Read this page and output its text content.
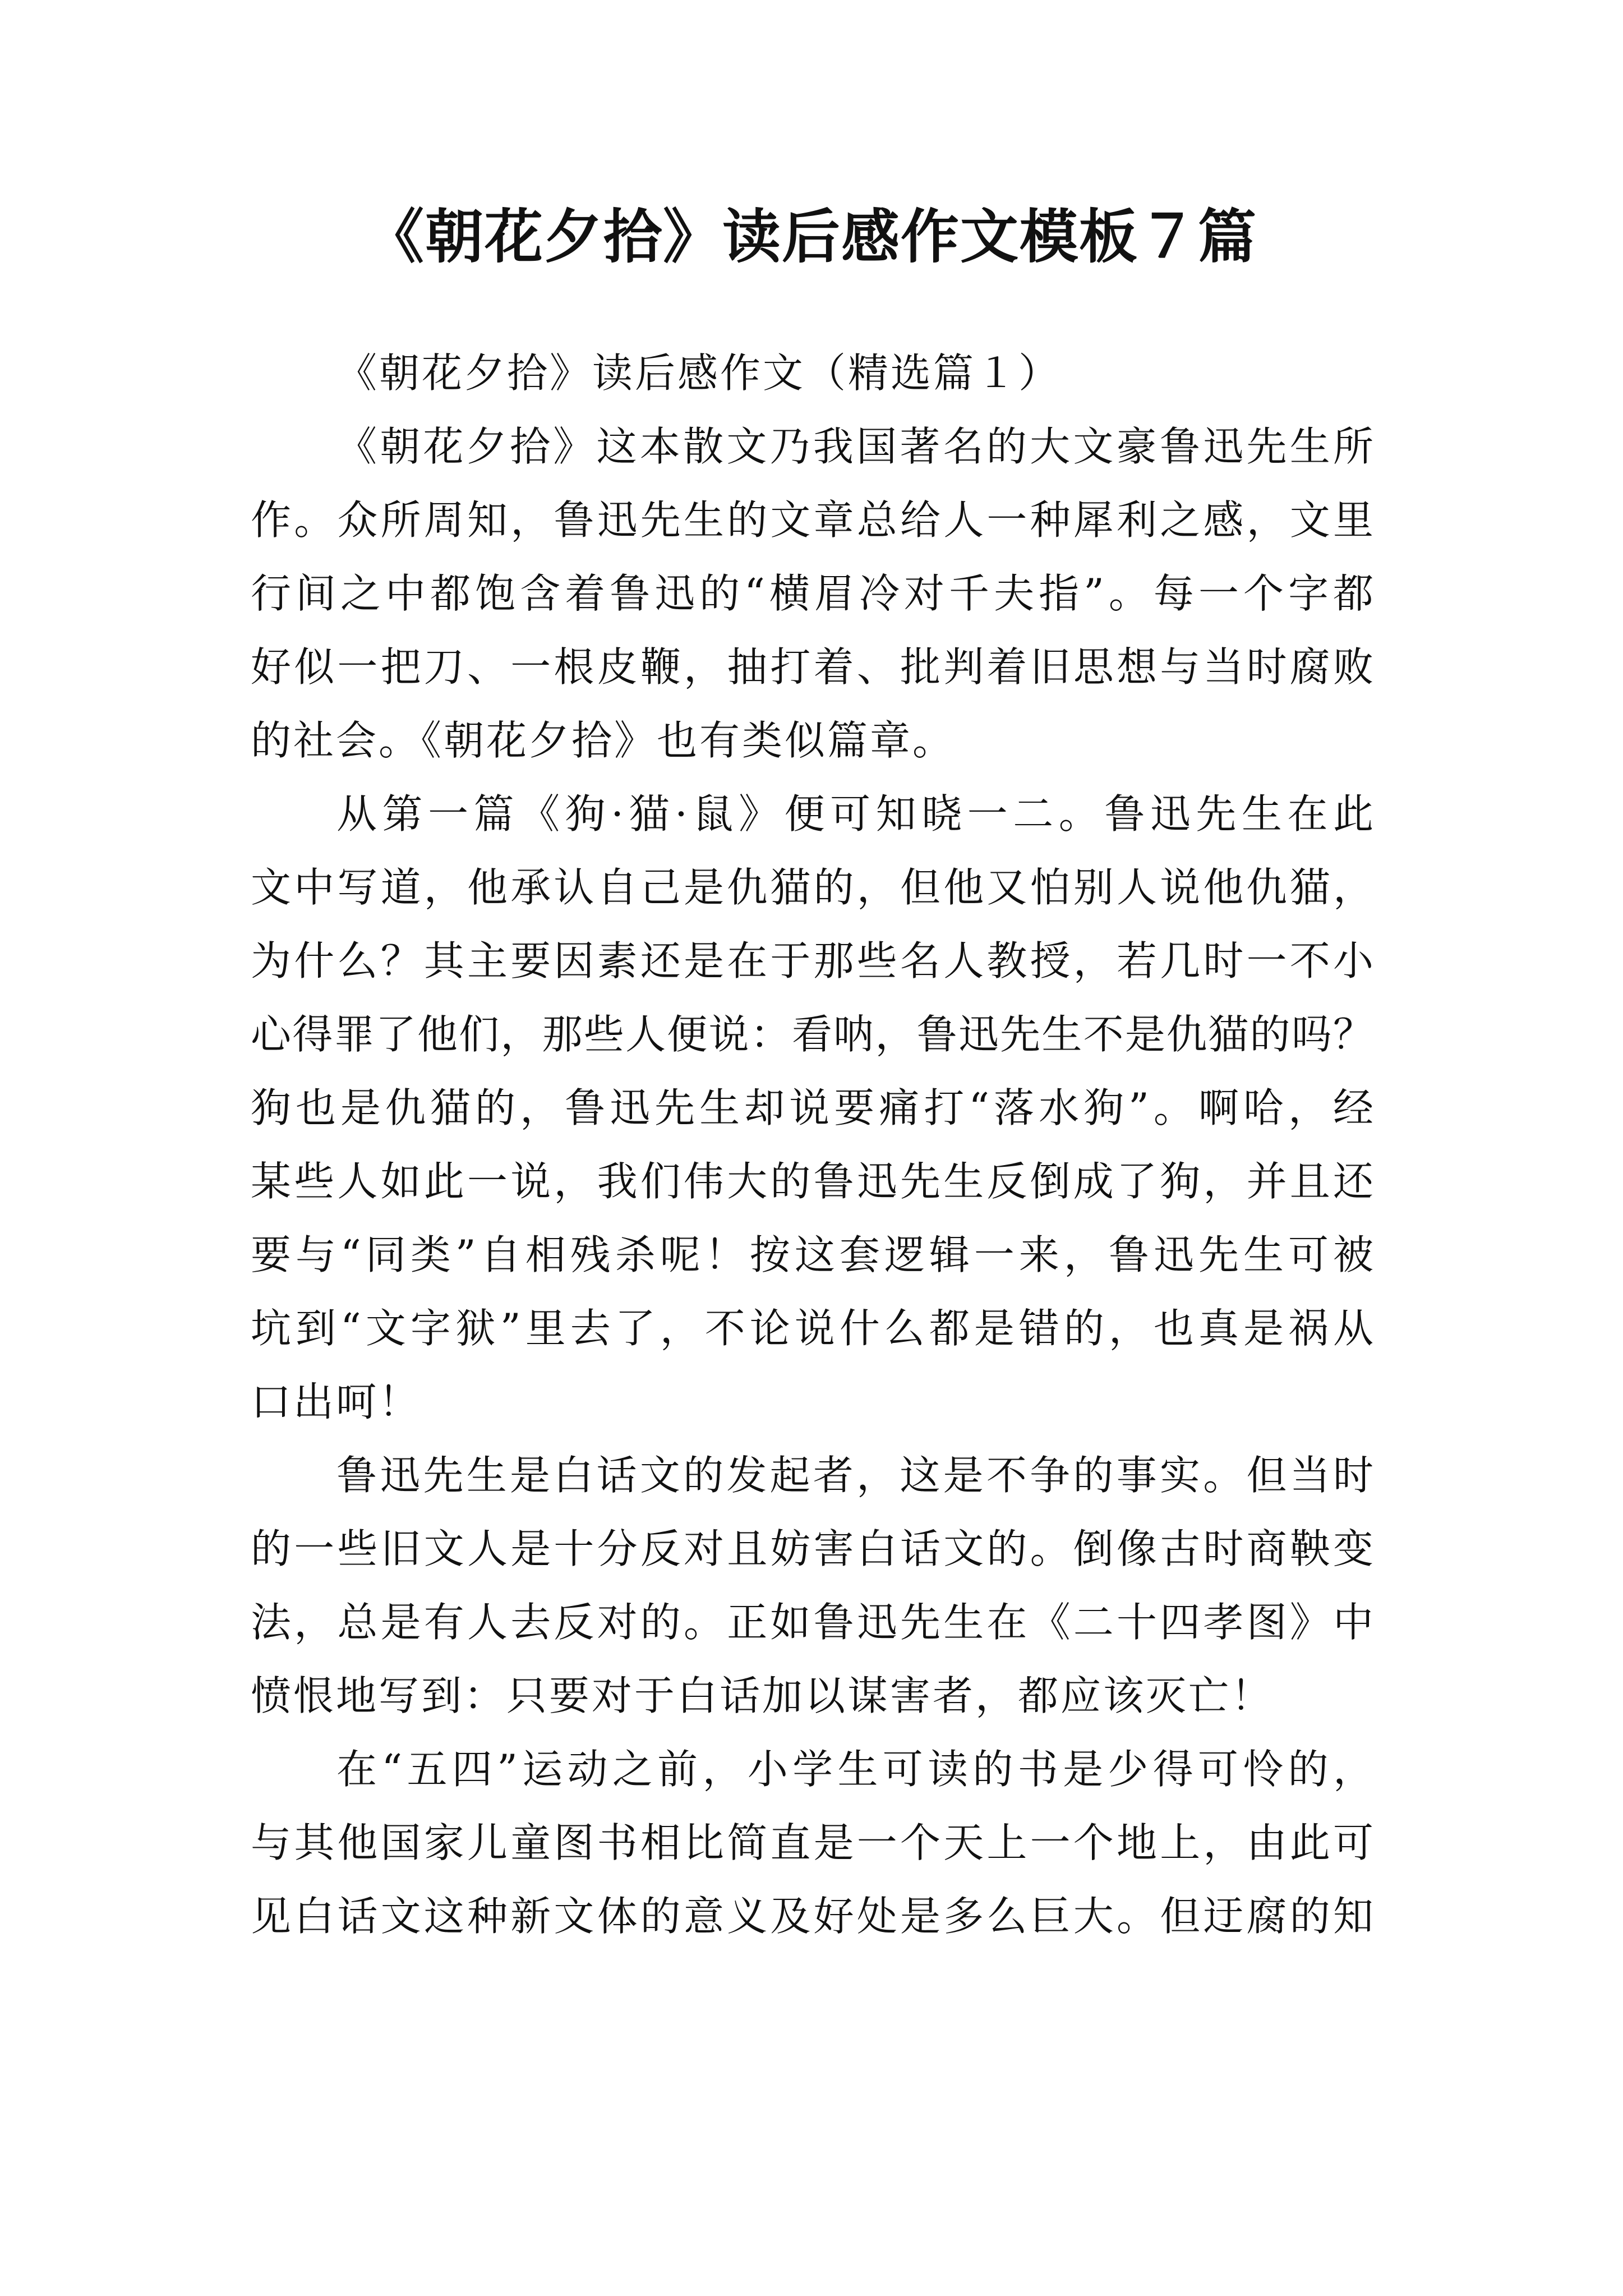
《朝花夕拾》读后感作文模板７篇
《朝花夕拾》读后感作文（精选篇１）
《朝花夕拾》这本散文乃我国著名的大文豪鲁迅先生所
作。众所周知，鲁迅先生的文章总给人一种犀利之感，文里
行间之中都饱含着鲁迅的“横眉冷对千夫指”。每一个字都
好似一把刀、一根皮鞭，抽打着、批判着旧思想与当时腐败
的社会。《朝花夕拾》也有类似篇章。
从第一篇《狗·猫·鼠》便可知晓一二。鲁迅先生在此
文中写道，他承认自己是仇猫的，但他又怕别人说他仇猫，
为什么？其主要因素还是在于那些名人教授，若几时一不小
心得罪了他们，那些人便说：看呐，鲁迅先生不是仇猫的吗？
狗也是仇猫的，鲁迅先生却说要痛打“落水狗”。啊哈，经
某些人如此一说，我们伟大的鲁迅先生反倒成了狗，并且还
要与“同类”自相残杀呢！按这套逻辑一来，鲁迅先生可被
坑到“文字狱”里去了，不论说什么都是错的，也真是祸从
口出呵！
鲁迅先生是白话文的发起者，这是不争的事实。但当时
的一些旧文人是十分反对且妨害白话文的。倒像古时商鞅变
法，总是有人去反对的。正如鲁迅先生在《二十四孝图》中
愤恨地写到：只要对于白话加以谋害者，都应该灭亡！
在“五四”运动之前，小学生可读的书是少得可怜的，
与其他国家儿童图书相比简直是一个天上一个地上，由此可
见白话文这种新文体的意义及好处是多么巨大。但迂腐的知
